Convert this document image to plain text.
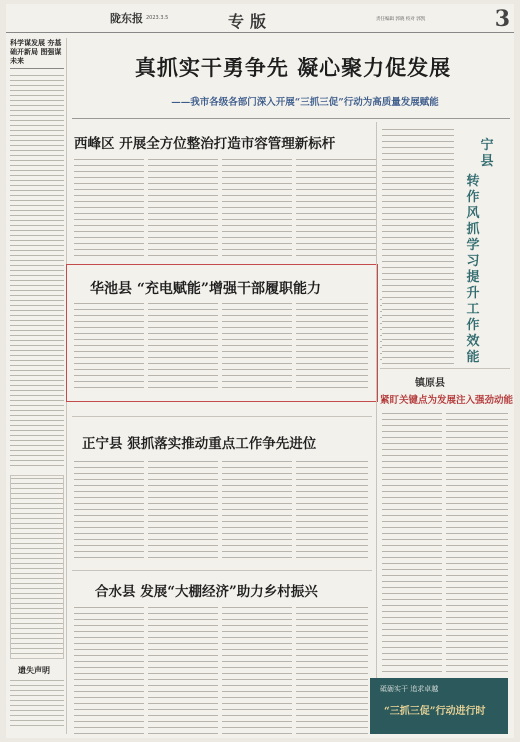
陇东报 2023.3.5	专版	责任编辑 郭晓 校对 郭凯	3
科学谋发展 夯基础开新局 图强谋未来
遗失声明
真抓实干勇争先 凝心聚力促发展
——我市各级各部门深入开展“三抓三促”行动为高质量发展赋能
西峰区 开展全方位整治打造市容管理新标杆
华池县 “充电赋能”增强干部履职能力
正宁县 狠抓落实推动重点工作争先进位
合水县 发展“大棚经济”助力乡村振兴
宁县
转
作
风
抓
学
习
提
升
工
作
效
能
镇原县
紧盯关键点为发展注入强劲动能
砥砺实干 追求卓越
“三抓三促”行动进行时
